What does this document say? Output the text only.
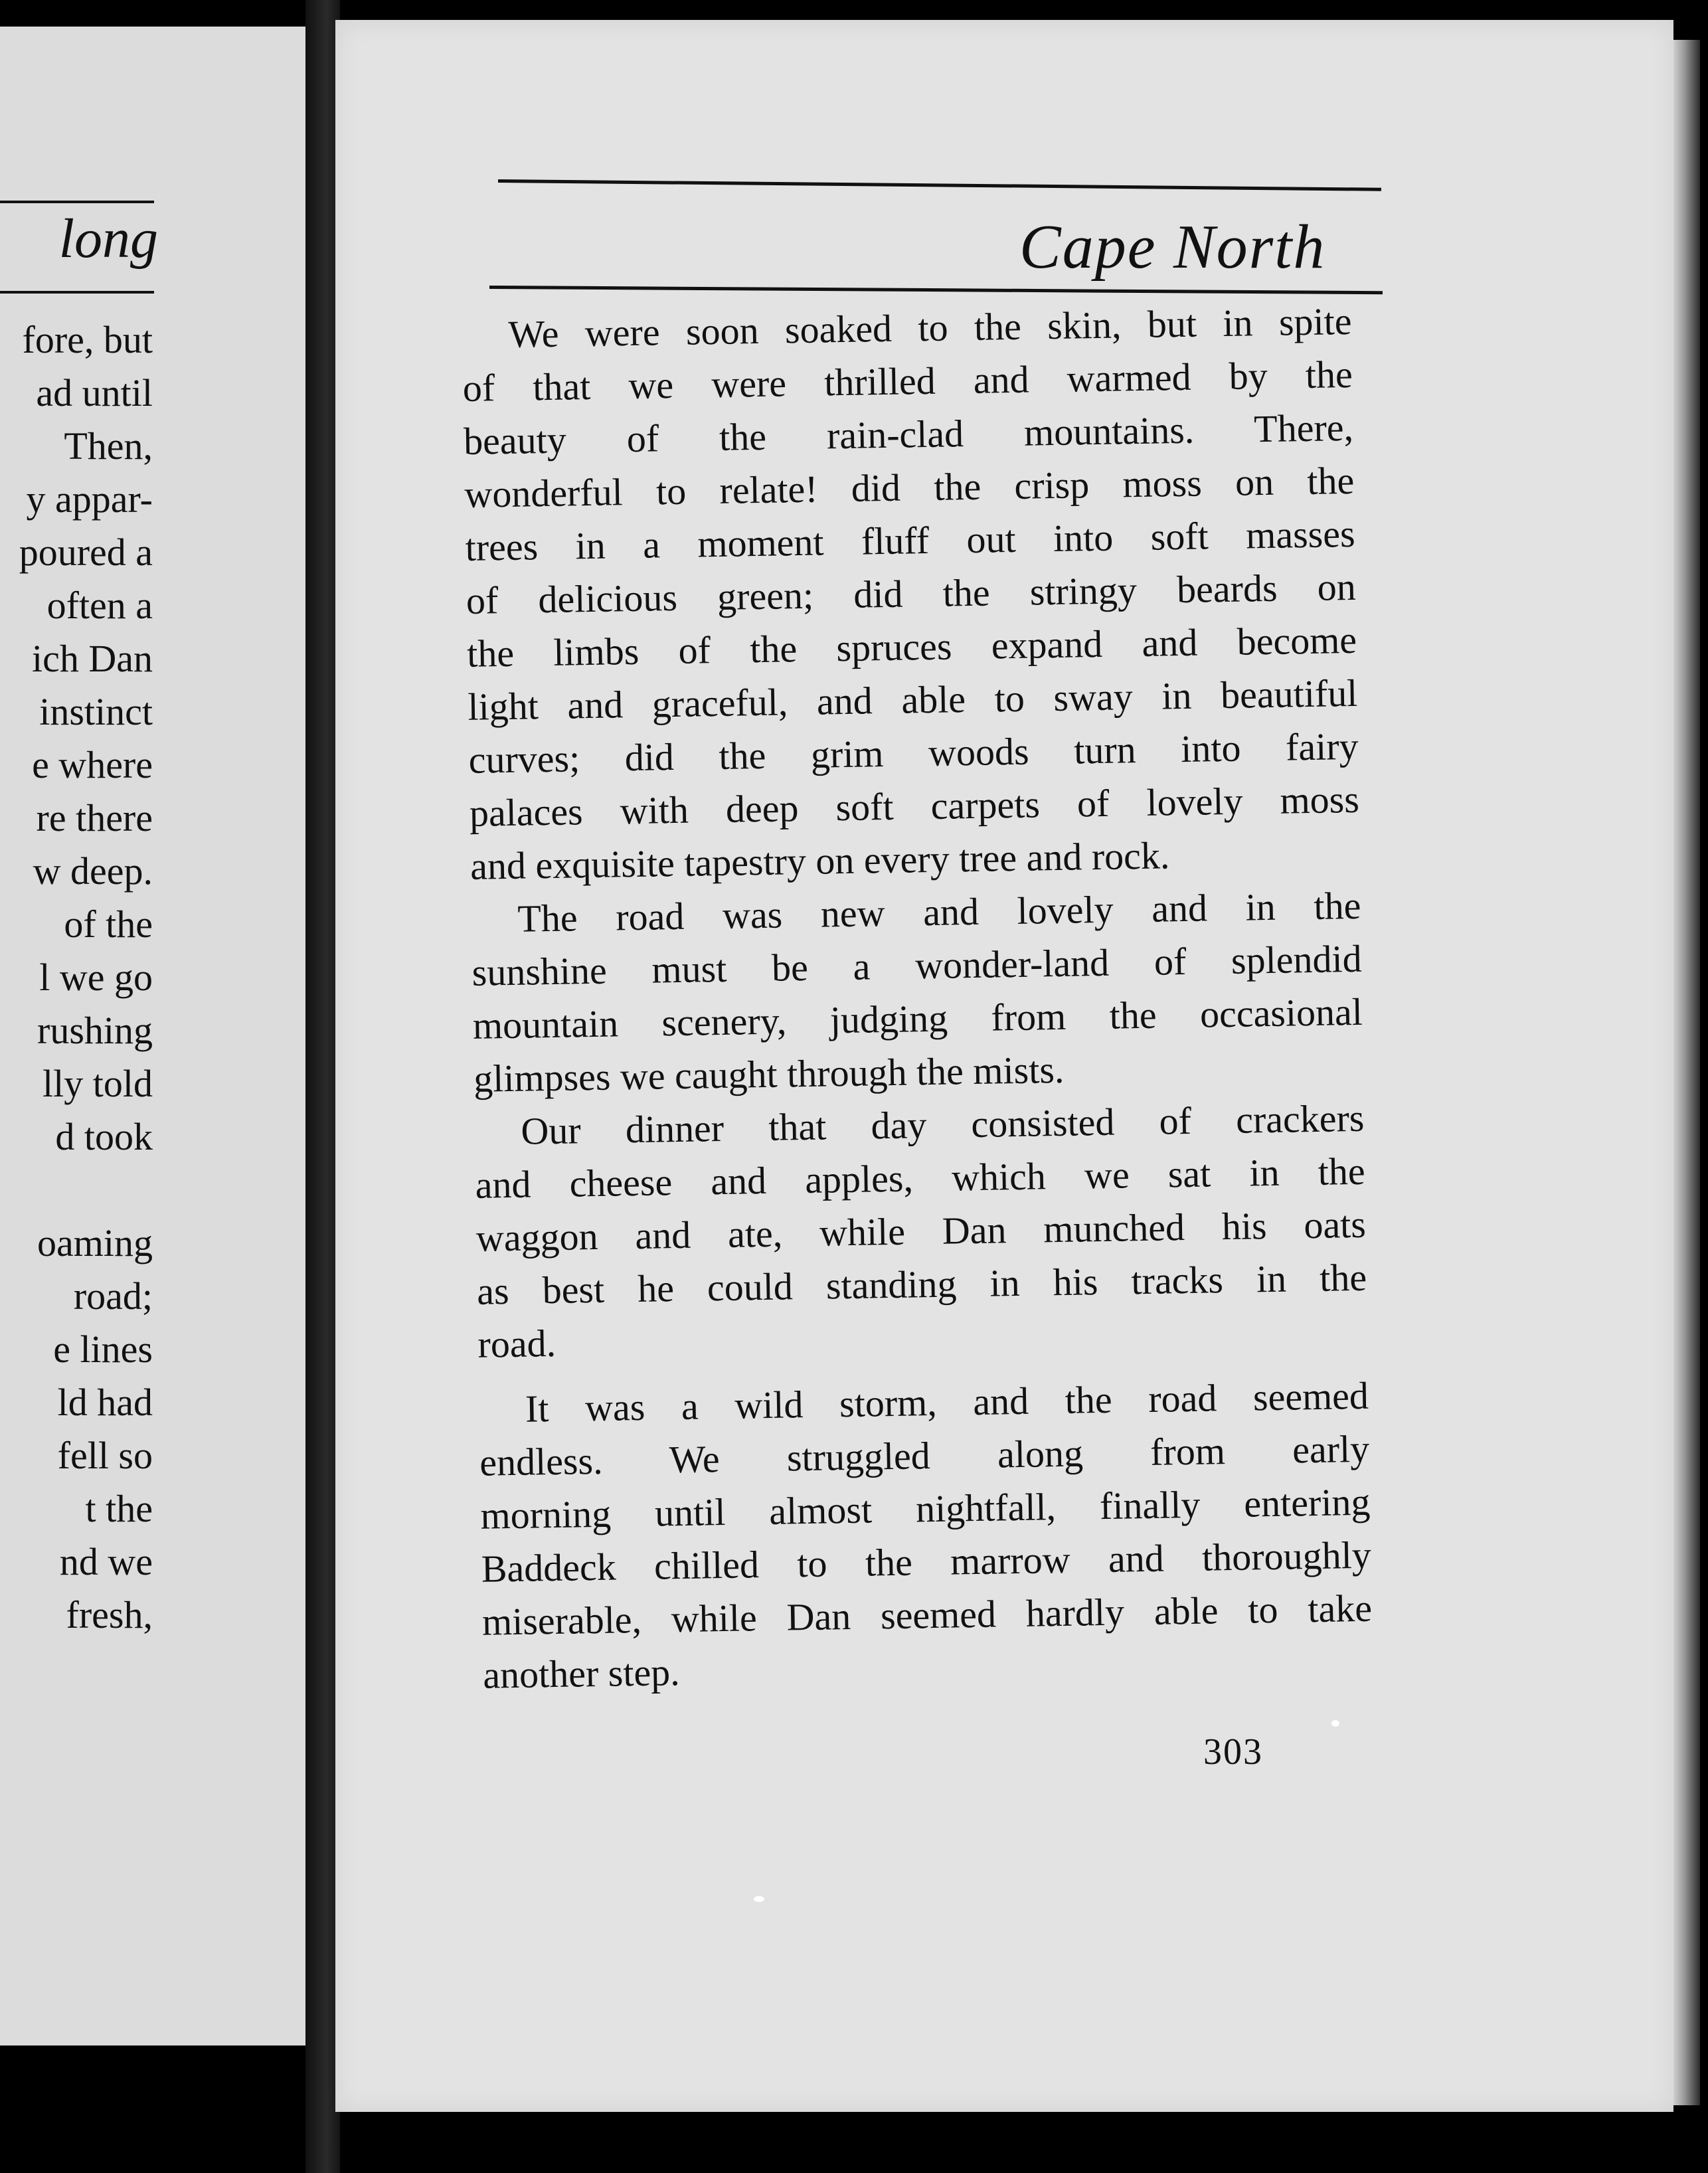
long
fore, but
ad until
Then,
y appar-
poured a
often a
ich Dan
instinct
e where
re there
w deep.
of the
l we go
rushing
lly told
d took
oaming
road;
e lines
ld had
fell so
t the
nd we
fresh,
Cape North
We were soon soaked to the skin, but in spite
of that we were thrilled and warmed by the
beauty of the rain-clad mountains. There,
wonderful to relate! did the crisp moss on the
trees in a moment fluff out into soft masses
of delicious green; did the stringy beards on
the limbs of the spruces expand and become
light and graceful, and able to sway in beautiful
curves; did the grim woods turn into fairy
palaces with deep soft carpets of lovely moss
and exquisite tapestry on every tree and rock.
The road was new and lovely and in the
sunshine must be a wonder-land of splendid
mountain scenery, judging from the occasional
glimpses we caught through the mists.
Our dinner that day consisted of crackers
and cheese and apples, which we sat in the
waggon and ate, while Dan munched his oats
as best he could standing in his tracks in the
road.
It was a wild storm, and the road seemed
endless. We struggled along from early
morning until almost nightfall, finally entering
Baddeck chilled to the marrow and thoroughly
miserable, while Dan seemed hardly able to take
another step.
303
